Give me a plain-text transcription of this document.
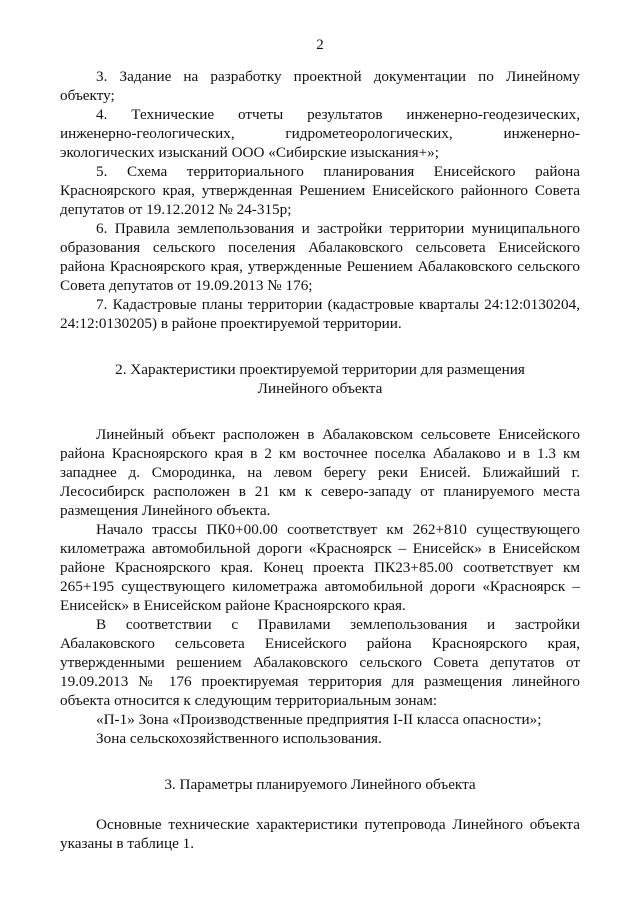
2

3. Задание на разработку проектной документации по Линейному объекту;

4. Технические отчеты результатов инженерно-геодезических, инженерно-геологических, гидрометеорологических, инженерно-экологических изысканий ООО «Сибирские изыскания+»;

5. Схема территориального планирования Енисейского района Красноярского края, утвержденная Решением Енисейского районного Совета депутатов от 19.12.2012 № 24-315р;

6. Правила землепользования и застройки территории муниципального образования сельского поселения Абалаковского сельсовета Енисейского района Красноярского края, утвержденные Решением Абалаковского сельского Совета депутатов от 19.09.2013 № 176;

7. Кадастровые планы территории (кадастровые кварталы 24:12:0130204, 24:12:0130205) в районе проектируемой территории.

2. Характеристики проектируемой территории для размещения
Линейного объекта

Линейный объект расположен в Абалаковском сельсовете Енисейского района Красноярского края в 2 км восточнее поселка Абалаково и в 1.3 км западнее д. Смородинка, на левом берегу реки Енисей. Ближайший г. Лесосибирск расположен в 21 км к северо-западу от планируемого места размещения Линейного объекта.

Начало трассы ПК0+00.00 соответствует км 262+810 существующего километража автомобильной дороги «Красноярск – Енисейск» в Енисейском районе Красноярского края. Конец проекта ПК23+85.00 соответствует км 265+195 существующего километража автомобильной дороги «Красноярск – Енисейск» в Енисейском районе Красноярского края.

В соответствии с Правилами землепользования и застройки Абалаковского сельсовета Енисейского района Красноярского края, утвержденными решением Абалаковского сельского Совета депутатов от 19.09.2013 № 176 проектируемая территория для размещения линейного объекта относится к следующим территориальным зонам:

«П-1» Зона «Производственные предприятия I-II класса опасности»;

Зона сельскохозяйственного использования.

3. Параметры планируемого Линейного объекта

Основные технические характеристики путепровода Линейного объекта указаны в таблице 1.
